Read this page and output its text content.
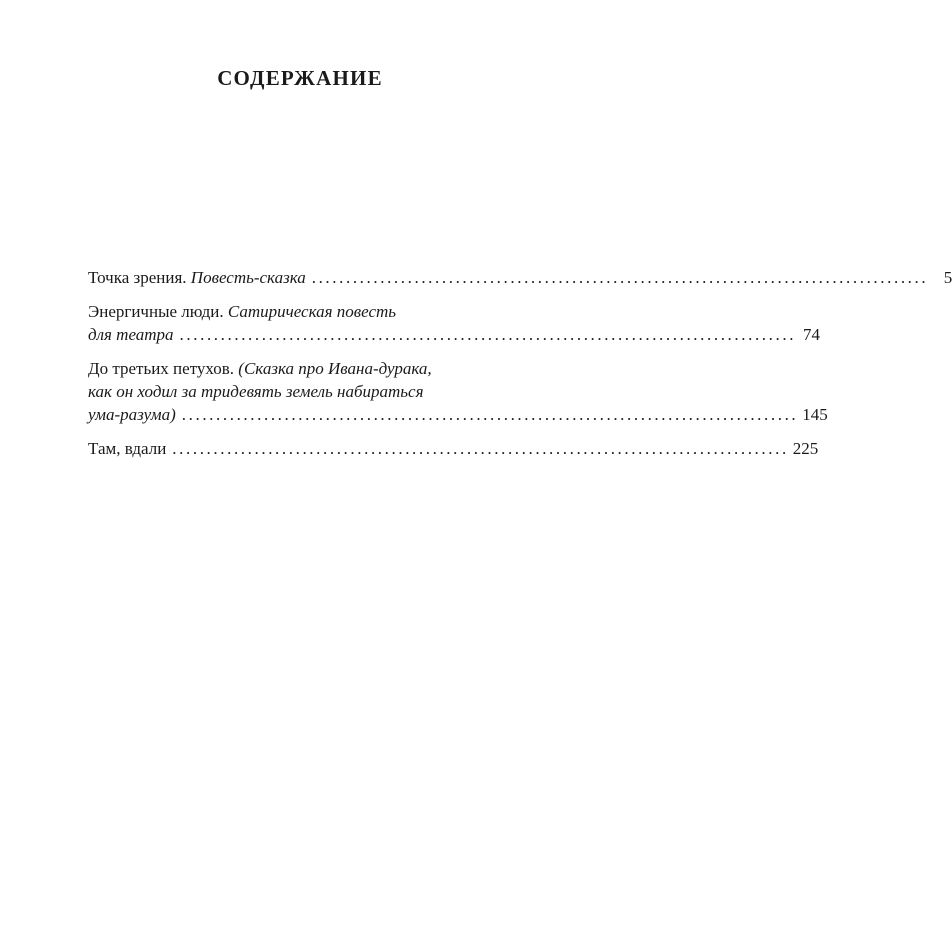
СОДЕРЖАНИЕ
Точка зрения. Повесть-сказка .......................................................................................... 5
Энергичные люди. Сатирическая повесть
для театра .......................................................................................... 74
До третьих петухов. (Сказка про Ивана-дурака,
как он ходил за тридевять земель набираться
ума-разума) .......................................................................................... 145
Там, вдали .......................................................................................... 225
